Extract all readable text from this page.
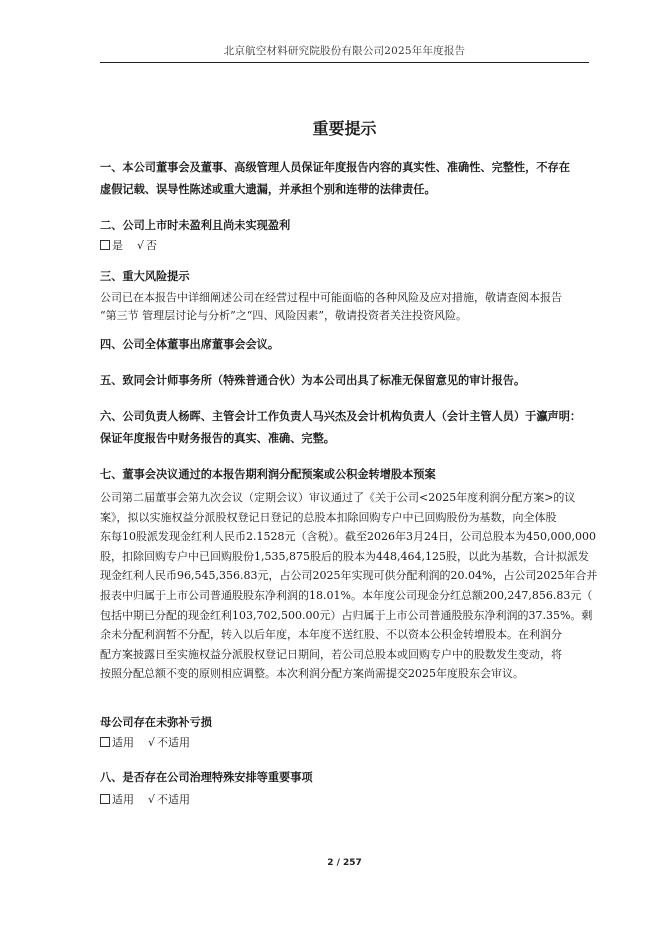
北京航空材料研究院股份有限公司2025年年度报告
重要提示

一、本公司董事会及董事、高级管理人员保证年度报告内容的真实性、准确性、完整性，不存在

虚假记载、误导性陈述或重大遗漏，并承担个别和连带的法律责任。

二、公司上市时未盈利且尚未实现盈利

是 √ 否

三、重大风险提示

公司已在本报告中详细阐述公司在经营过程中可能面临的各种风险及应对措施，敬请查阅本报告

“第三节 管理层讨论与分析”之“四、风险因素”，敬请投资者关注投资风险。

四、公司全体董事出席董事会会议。

五、致同会计师事务所（特殊普通合伙）为本公司出具了标准无保留意见的审计报告。

六、公司负责人杨晖、主管会计工作负责人马兴杰及会计机构负责人（会计主管人员）于瀛声明：

保证年度报告中财务报告的真实、准确、完整。

七、董事会决议通过的本报告期利润分配预案或公积金转增股本预案

公司第二届董事会第九次会议（定期会议）审议通过了《关于公司<2025年度利润分配方案>的议

案》，拟以实施权益分派股权登记日登记的总股本扣除回购专户中已回购股份为基数，向全体股

东每10股派发现金红利人民币2.1528元（含税）。截至2026年3月24日，公司总股本为450,000,000

股，扣除回购专户中已回购股份1,535,875股后的股本为448,464,125股，以此为基数，合计拟派发

现金红利人民币96,545,356.83元，占公司2025年实现可供分配利润的20.04%，占公司2025年合并

报表中归属于上市公司普通股股东净利润的18.01%。本年度公司现金分红总额200,247,856.83元（

包括中期已分配的现金红利103,702,500.00元）占归属于上市公司普通股股东净利润的37.35%。剩

余未分配利润暂不分配，转入以后年度，本年度不送红股、不以资本公积金转增股本。在利润分

配方案披露日至实施权益分派股权登记日期间，若公司总股本或回购专户中的股数发生变动，将

按照分配总额不变的原则相应调整。本次利润分配方案尚需提交2025年度股东会审议。

母公司存在未弥补亏损

适用 √ 不适用

八、是否存在公司治理特殊安排等重要事项

适用 √ 不适用
2 / 257
